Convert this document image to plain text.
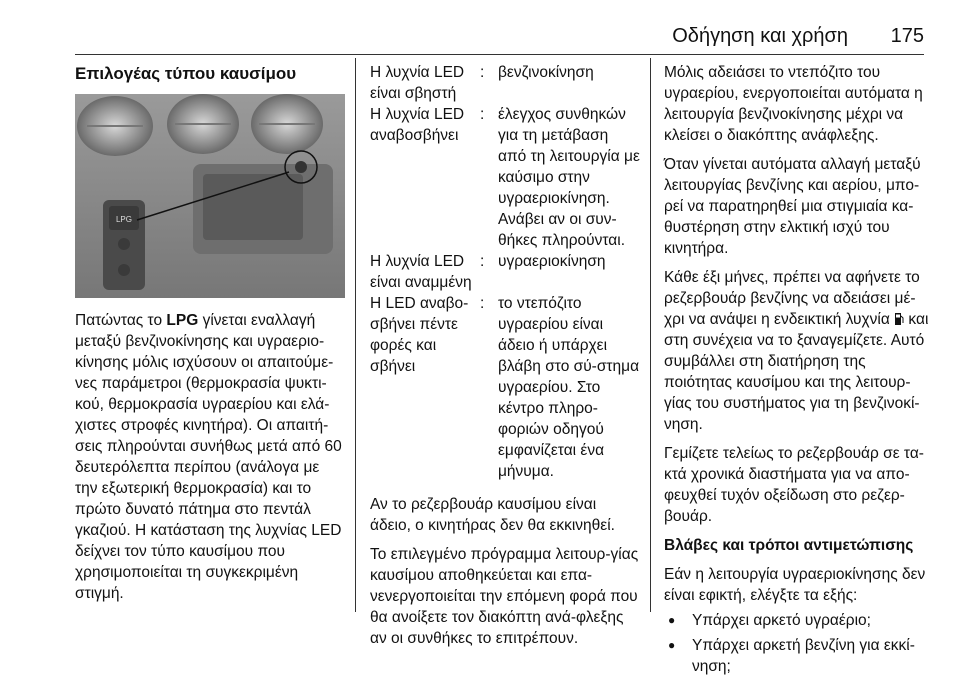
Οδήγηση και χρήση 175
Επιλογέας τύπου καυσίμου
LPG

Πατώντας το LPG γίνεται εναλλαγή μεταξύ βενζινοκίνησης και υγραεριο-κίνησης μόλις ισχύσουν οι απαιτούμε-νες παράμετροι (θερμοκρασία ψυκτι-κού, θερμοκρασία υγραερίου και ελά-χιστες στροφές κινητήρα). Οι απαιτή-σεις πληρούνται συνήθως μετά από 60 δευτερόλεπτα περίπου (ανάλογα με την εξωτερική θερμοκρασία) και το πρώτο δυνατό πάτημα στο πεντάλ γκαζιού. Η κατάσταση της λυχνίας LED δείχνει τον τύπο καυσίμου που χρησιμοποιείται τη συγκεκριμένη στιγμή.

Η λυχνία LED είναι σβηστή
: βενζινοκίνηση
Η λυχνία LED αναβοσβήνει
: έλεγχος συνθηκών για τη μετάβαση από τη λειτουργία με καύσιμο στην υγραεριοκίνηση. Ανάβει αν οι συν-θήκες πληρούνται.
Η λυχνία LED είναι αναμμένη
: υγραεριοκίνηση
Η LED αναβο-σβήνει πέντε φορές και σβήνει
: το ντεπόζιτο υγραερίου είναι άδειο ή υπάρχει βλάβη στο σύ-στημα υγραερίου. Στο κέντρο πληρο-φοριών οδηγού εμφανίζεται ένα μήνυμα.

Αν το ρεζερβουάρ καυσίμου είναι άδειο, ο κινητήρας δεν θα εκκινηθεί.

Το επιλεγμένο πρόγραμμα λειτουρ-γίας καυσίμου αποθηκεύεται και επα-νενεργοποιείται την επόμενη φορά που θα ανοίξετε τον διακόπτη ανά-φλεξης αν οι συνθήκες το επιτρέπουν.

Μόλις αδειάσει το ντεπόζιτο του υγραερίου, ενεργοποιείται αυτόματα η λειτουργία βενζινοκίνησης μέχρι να κλείσει ο διακόπτης ανάφλεξης.

Όταν γίνεται αυτόματα αλλαγή μεταξύ λειτουργίας βενζίνης και αερίου, μπο-ρεί να παρατηρηθεί μια στιγμιαία κα-θυστέρηση στην ελκτική ισχύ του κινητήρα.

Κάθε έξι μήνες, πρέπει να αφήνετε το ρεζερβουάρ βενζίνης να αδειάσει μέ-χρι να ανάψει η ενδεικτική λυχνία  και στη συνέχεια να το ξαναγεμίζετε. Αυτό συμβάλλει στη διατήρηση της ποιότητας καυσίμου και της λειτουρ-γίας του συστήματος για τη βενζινοκί-νηση.

Γεμίζετε τελείως το ρεζερβουάρ σε τα-κτά χρονικά διαστήματα για να απο-φευχθεί τυχόν οξείδωση στο ρεζερ-βουάρ.

Βλάβες και τρόποι αντιμετώπισης

Εάν η λειτουργία υγραεριοκίνησης δεν είναι εφικτή, ελέγξτε τα εξής:

● Υπάρχει αρκετό υγραέριο;
● Υπάρχει αρκετή βενζίνη για εκκί-νηση;
